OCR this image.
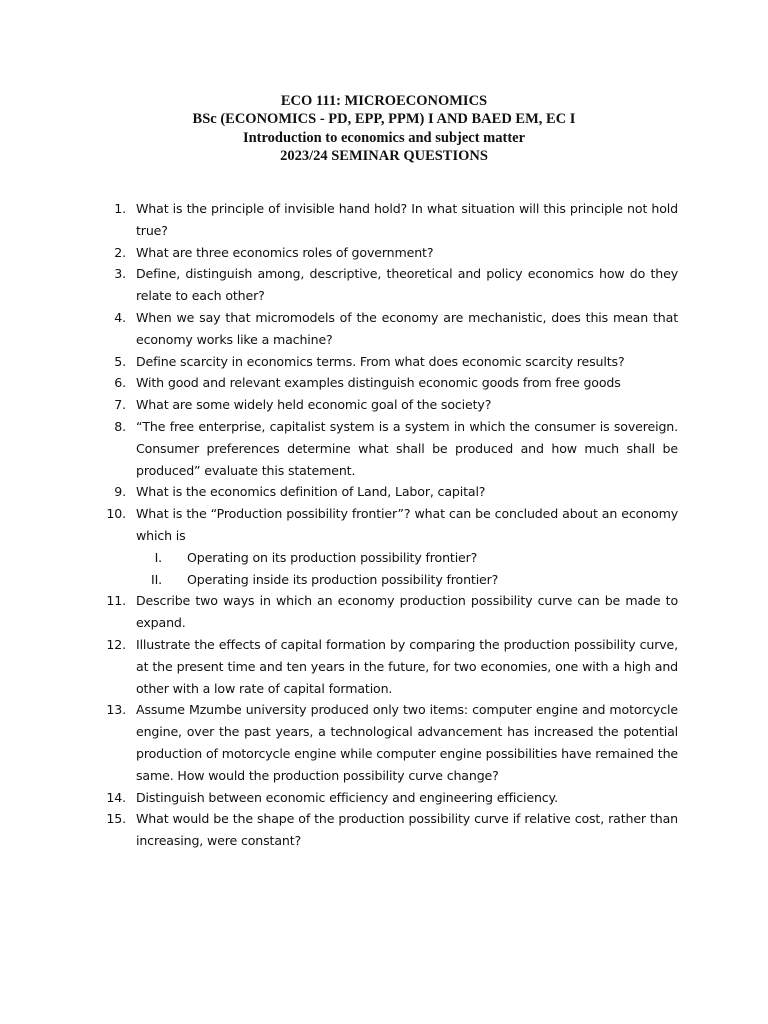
ECO 111: MICROECONOMICS
BSc (ECONOMICS - PD, EPP, PPM) I AND BAED EM, EC I
Introduction to economics and subject matter
2023/24 SEMINAR QUESTIONS
1. What is the principle of invisible hand hold? In what situation will this principle not hold true?
2. What are three economics roles of government?
3. Define, distinguish among, descriptive, theoretical and policy economics how do they relate to each other?
4. When we say that micromodels of the economy are mechanistic, does this mean that economy works like a machine?
5. Define scarcity in economics terms. From what does economic scarcity results?
6. With good and relevant examples distinguish economic goods from free goods
7. What are some widely held economic goal of the society?
8. “The free enterprise, capitalist system is a system in which the consumer is sovereign. Consumer preferences determine what shall be produced and how much shall be produced” evaluate this statement.
9. What is the economics definition of Land, Labor, capital?
10. What is the “Production possibility frontier”? what can be concluded about an economy which is
I. Operating on its production possibility frontier?
II. Operating inside its production possibility frontier?
11. Describe two ways in which an economy production possibility curve can be made to expand.
12. Illustrate the effects of capital formation by comparing the production possibility curve, at the present time and ten years in the future, for two economies, one with a high and other with a low rate of capital formation.
13. Assume Mzumbe university produced only two items: computer engine and motorcycle engine, over the past years, a technological advancement has increased the potential production of motorcycle engine while computer engine possibilities have remained the same. How would the production possibility curve change?
14. Distinguish between economic efficiency and engineering efficiency.
15. What would be the shape of the production possibility curve if relative cost, rather than increasing, were constant?
